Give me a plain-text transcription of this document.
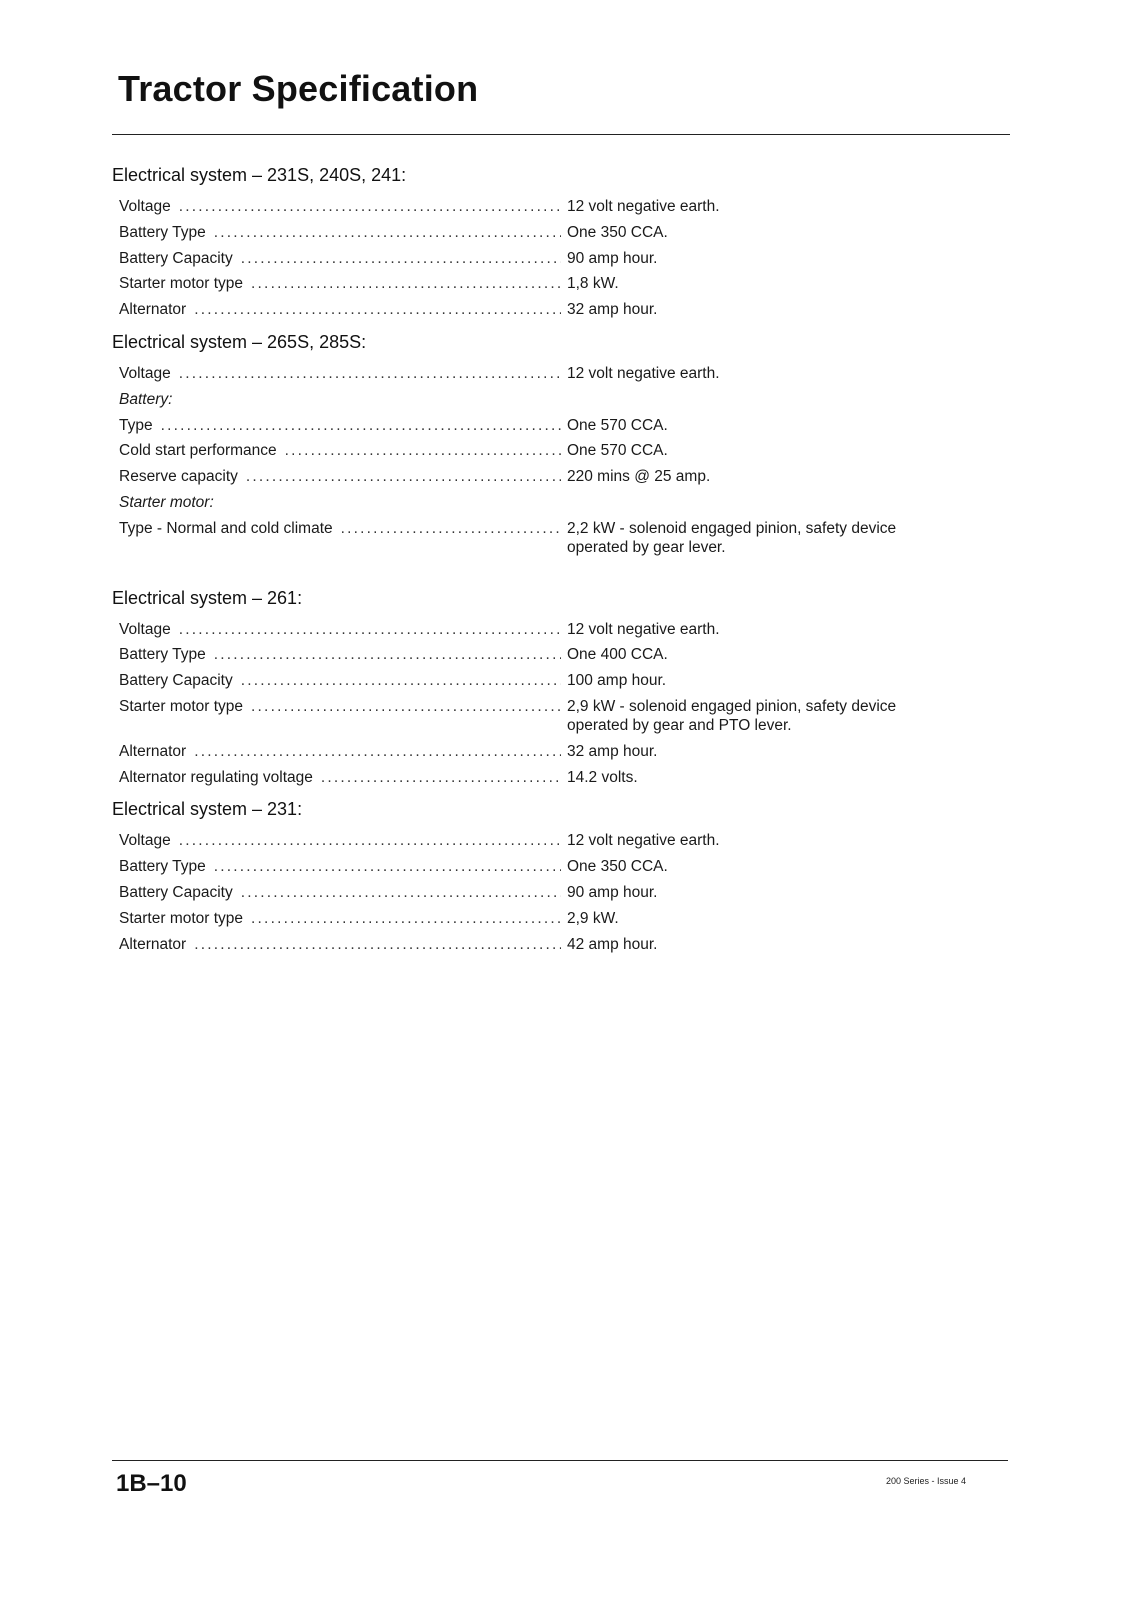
Tractor Specification
Electrical system – 231S, 240S, 241:
Voltage .....	12 volt negative earth.
Battery Type .....	One 350 CCA.
Battery Capacity .....	90 amp hour.
Starter motor type .....	1,8 kW.
Alternator .....	32 amp hour.
Electrical system – 265S, 285S:
Voltage .....	12 volt negative earth.
Battery:
Type .....	One 570 CCA.
Cold start performance .....	One 570 CCA.
Reserve capacity .....	220 mins @ 25 amp.
Starter motor:
Type - Normal and cold climate .....	2,2 kW - solenoid engaged pinion, safety device operated by gear lever.
Electrical system – 261:
Voltage .....	12 volt negative earth.
Battery Type .....	One 400 CCA.
Battery Capacity .....	100 amp hour.
Starter motor type .....	2,9 kW - solenoid engaged pinion, safety device operated by gear and PTO lever.
Alternator .....	32 amp hour.
Alternator regulating voltage .....	14.2 volts.
Electrical system – 231:
Voltage .....	12 volt negative earth.
Battery Type .....	One 350 CCA.
Battery Capacity .....	90 amp hour.
Starter motor type .....	2,9 kW.
Alternator .....	42 amp hour.
1B–10	200 Series - Issue 4
